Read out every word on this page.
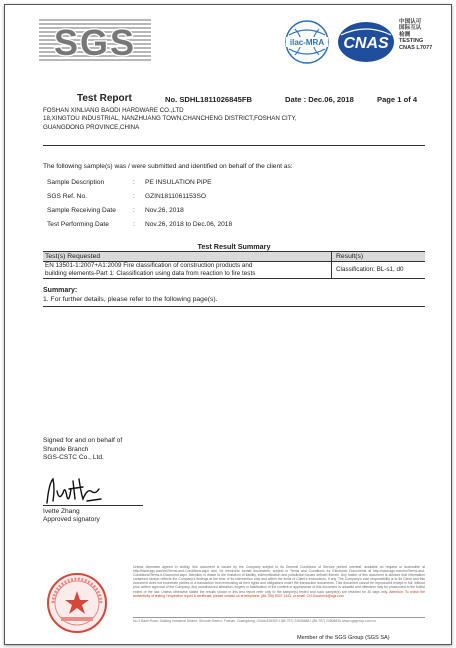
SGS	ilac-MRA CNAS
中国认可
国际互认
检测
TESTING
CNAS L7077
Test Report	No. SDHL1811026845FB	Date : Dec.06, 2018	Page 1 of 4
FOSHAN XINLIANG BAODI HARDWARE CO.,LTD
18,XINGTOU INDUSTRIAL, NANZHUANG TOWN,CHANCHENG DISTRICT,FOSHAN CITY,
GUANGDONG PROVINCE,CHINA
The following sample(s) was / were submitted and identified on behalf of the client as:
Sample Description	:	PE INSULATION PIPE
SGS Ref. No.	:	GZIN1811061153SO
Sample Receiving Date	:	Nov.26, 2018
Test Performing Date	:	Nov.26, 2018 to Dec.06, 2018
Test Result Summary
Test(s) Requested	Result(s)
EN 13501-1:2007+A1:2009 Fire classification of construction products and
building elements-Part 1: Classification using data from reaction to fire tests
Classification: BL-s1, d0
Summary:
1. For further details, please refer to the following page(s).
Signed for and on behalf of
Shunde Branch
SGS-CSTC Co., Ltd.
Ivette Zhang
Approved signatory
Unless otherwise agreed in writing, this document is issued by the Company subject to its General Conditions of Service printed overleaf, available on request or accessible at http://www.sgs.com/en/Terms-and-Conditions.aspx and, for electronic format documents, subject to Terms and Conditions for Electronic Documents at http://www.sgs.com/en/Terms-and-Conditions/Terms-e-Document.aspx. Attention is drawn to the limitation of liability, indemnification and jurisdiction issues defined therein. Any holder of this document is advised that information contained hereon reflects the Company's findings at the time of its intervention only and within the limits of Client's instructions, if any. The Company's sole responsibility is to its Client and this document does not exonerate parties to a transaction from exercising all their rights and obligations under the transaction documents. This document cannot be reproduced except in full, without prior written approval of the Company. Any unauthorized alteration, forgery or falsification of the content or appearance of this document is unlawful and offenders may be prosecuted to the fullest extent of the law. Unless otherwise stated the results shown in this test report refer only to the sample(s) tested and such sample(s) are retained for 30 days only. Attention: To check the authenticity of testing / inspection report & certificate, please contact us at telephone: (86-755) 8307 1443, or email: CN.Doccheck@sgs.com
No.4 Baoli Road, Daliang Industrial District, Shunde District, Foshan, Guangdong, China 528300 t (86-757) 22808888 f (86-757) 22808830 www.sgsgroup.com.cn
Member of the SGS Group (SGS SA)
